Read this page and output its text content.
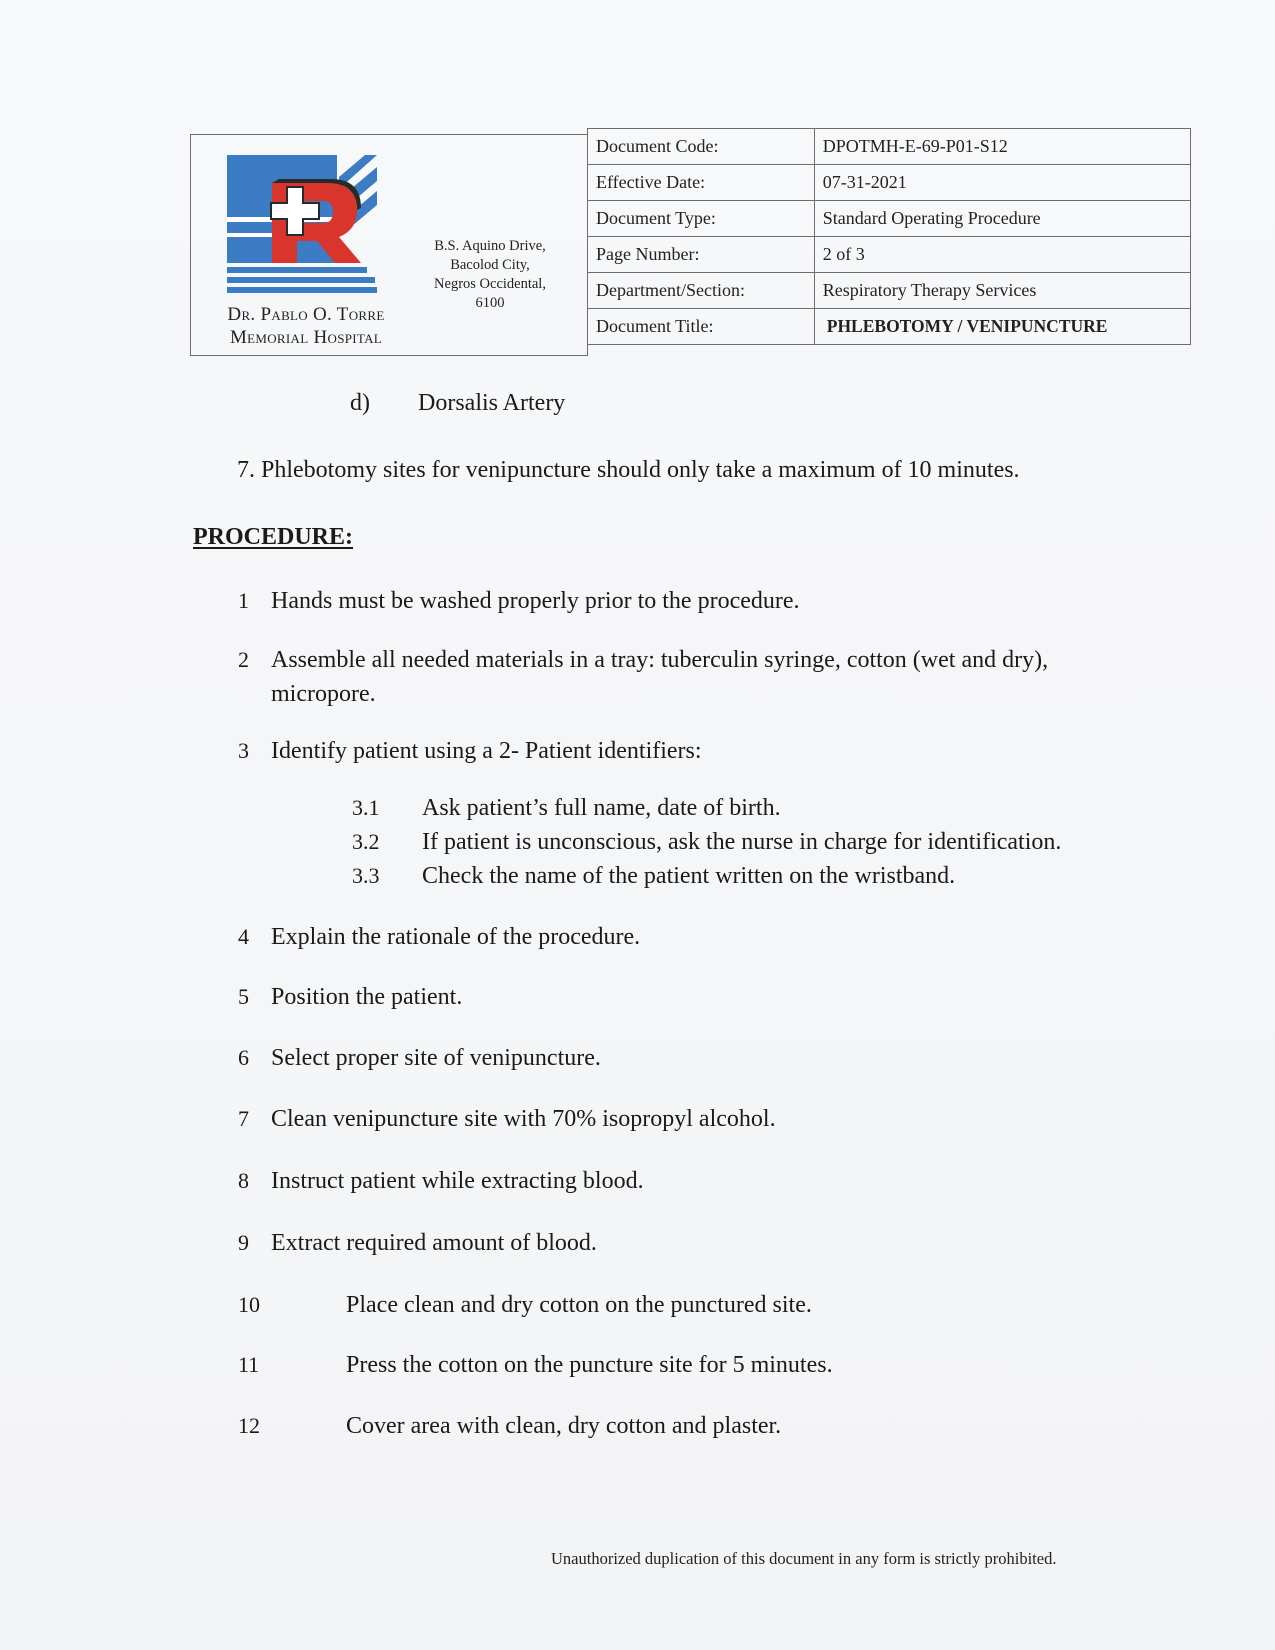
Dr. Pablo O. Torre
Memorial Hospital
B.S. Aquino Drive,
Bacolod City,
Negros Occidental,
6100
Document Code:	DPOTMH-E-69-P01-S12
Effective Date:	07-31-2021
Document Type:	Standard Operating Procedure
Page Number:	2 of 3
Department/Section:	Respiratory Therapy Services
Document Title:	PHLEBOTOMY / VENIPUNCTURE
d) Dorsalis Artery
7. Phlebotomy sites for venipuncture should only take a maximum of 10 minutes.
PROCEDURE:
1 Hands must be washed properly prior to the procedure.
2 Assemble all needed materials in a tray: tuberculin syringe, cotton (wet and dry),
micropore.
3 Identify patient using a 2- Patient identifiers:
3.1 Ask patient’s full name, date of birth.
3.2 If patient is unconscious, ask the nurse in charge for identification.
3.3 Check the name of the patient written on the wristband.
4 Explain the rationale of the procedure.
5 Position the patient.
6 Select proper site of venipuncture.
7 Clean venipuncture site with 70% isopropyl alcohol.
8 Instruct patient while extracting blood.
9 Extract required amount of blood.
10	Place clean and dry cotton on the punctured site.
11	Press the cotton on the puncture site for 5 minutes.
12	Cover area with clean, dry cotton and plaster.
Unauthorized duplication of this document in any form is strictly prohibited.
